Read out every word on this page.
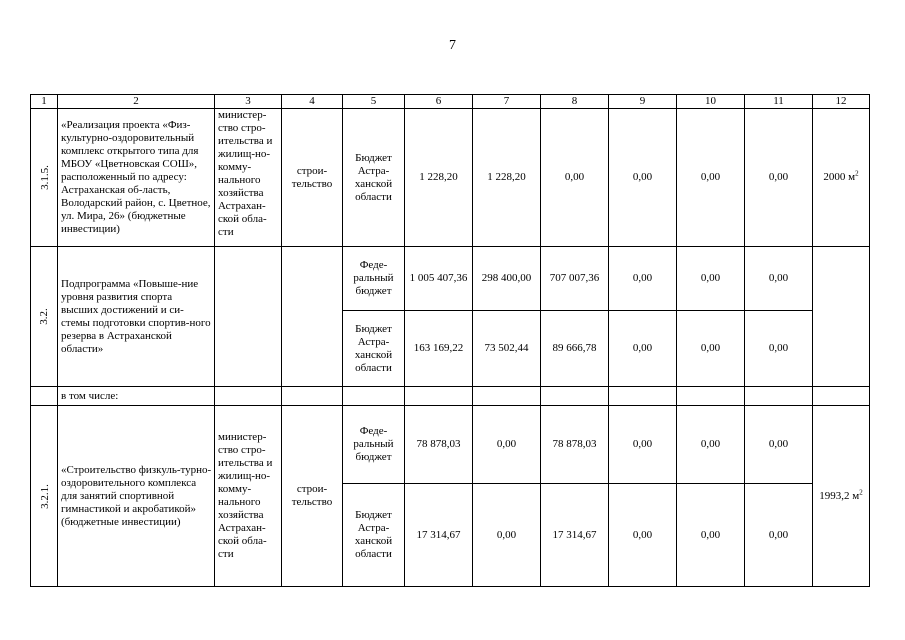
7
1	2	3	4	5	6	7	8	9	10	11	12
3.1.5.	«Реализация проекта «Физ-культурно-оздоровительный комплекс открытого типа для МБОУ «Цветновская СОШ», расположенный по адресу: Астраханская об-ласть, Володарский район, с. Цветное, ул. Мира, 26» (бюджетные инвестиции)	министер-ство стро-ительства и жилищ-но-комму-нального хозяйства Астрахан-ской обла-сти	строи-тельство	Бюджет Астра-ханской области	1 228,20	1 228,20	0,00	0,00	0,00	0,00	2000 $м^2$
3.2.	Подпрограмма «Повыше-ние уровня развития спорта высших достижений и си-стемы подготовки спортив-ного резерва в Астраханской области»			Феде-ральный бюджет	1 005 407,36	298 400,00	707 007,36	0,00	0,00	0,00	
				Бюджет Астра-ханской области	163 169,22	73 502,44	89 666,78	0,00	0,00	0,00	
	в том числе:										
3.2.1.	«Строительство физкуль-турно-оздоровительного комплекса для занятий спортивной гимнастикой и акробатикой» (бюджетные инвестиции)	министер-ство стро-ительства и жилищ-но-комму-нального хозяйства Астрахан-ской обла-сти	строи-тельство	Феде-ральный бюджет	78 878,03	0,00	78 878,03	0,00	0,00	0,00	1993,2 $м^2$
				Бюджет Астра-ханской области	17 314,67	0,00	17 314,67	0,00	0,00	0,00	
